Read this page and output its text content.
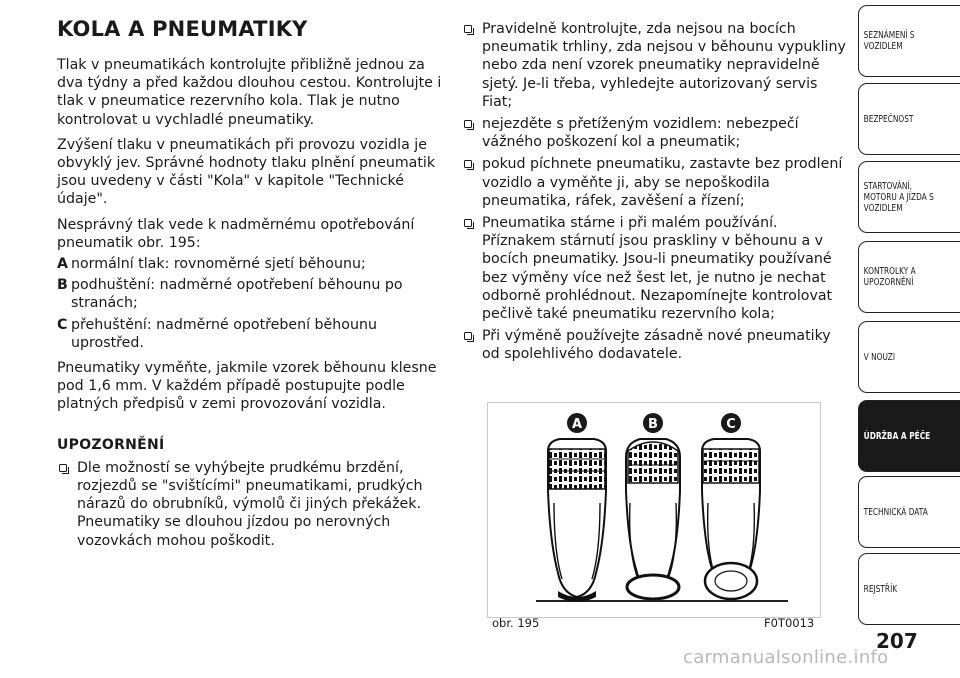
KOLA A PNEUMATIKY

Tlak v pneumatikách kontrolujte přibližně jednou za dva týdny a před každou dlouhou cestou. Kontrolujte i tlak v pneumatice rezervního kola. Tlak je nutno kontrolovat u vychladlé pneumatiky.

Zvýšení tlaku v pneumatikách při provozu vozidla je obvyklý jev. Správné hodnoty tlaku plnění pneumatik jsou uvedeny v části "Kola" v kapitole "Technické údaje".

Nesprávný tlak vede k nadměrnému opotřebování pneumatik obr. 195:

A normální tlak: rovnoměrné sjetí běhounu;
B podhuštění: nadměrné opotřebení běhounu po stranách;
C přehuštění: nadměrné opotřebení běhounu uprostřed.

Pneumatiky vyměňte, jakmile vzorek běhounu klesne pod 1,6 mm. V každém případě postupujte podle platných předpisů v zemi provozování vozidla.

UPOZORNĚNÍ
Dle možností se vyhýbejte prudkému brzdění, rozjezdů se "svištícími" pneumatikami, prudkých nárazů do obrubníků, výmolů či jiných překážek. Pneumatiky se dlouhou jízdou po nerovných vozovkách mohou poškodit.
Pravidelně kontrolujte, zda nejsou na bocích pneumatik trhliny, zda nejsou v běhounu vypukliny nebo zda není vzorek pneumatiky nepravidelně sjetý. Je-li třeba, vyhledejte autorizovaný servis Fiat;
nejezděte s přetíženým vozidlem: nebezpečí vážného poškození kol a pneumatik;
pokud píchnete pneumatiku, zastavte bez prodlení vozidlo a vyměňte ji, aby se nepoškodila pneumatika, ráfek, zavěšení a řízení;
Pneumatika stárne i při malém používání. Příznakem stárnutí jsou praskliny v běhounu a v bocích pneumatiky. Jsou-li pneumatiky používané bez výměny více než šest let, je nutno je nechat odborně prohlédnout. Nezapomínejte kontrolovat pečlivě také pneumatiku rezervního kola;
Při výměně používejte zásadně nové pneumatiky od spolehlivého dodavatele.
A	B	C
obr. 195	F0T0013
SEZNÁMENÍ S
VOZIDLEM
BEZPEČNOST
STARTOVÁNÍ,
MOTORU A JÍZDA S
VOZIDLEM
KONTROLKY A
UPOZORNĚNÍ
V NOUZI
ÚDRŽBA A PÉČE
TECHNICKÁ DATA
REJSTŘÍK
207
carmanualsonline.info
